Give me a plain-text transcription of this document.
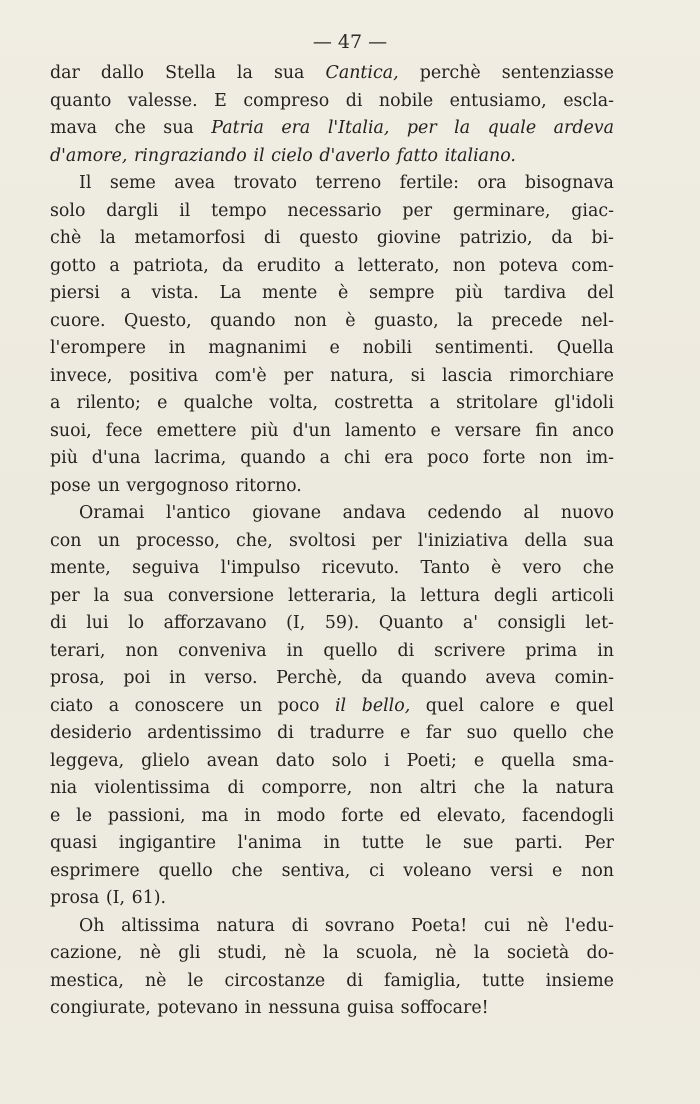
— 47 —
dar dallo Stella la sua Cantica, perchè sentenziasse
quanto valesse. E compreso di nobile entusiamo, escla-
mava che sua Patria era l'Italia, per la quale ardeva
d'amore, ringraziando il cielo d'averlo fatto italiano.
Il seme avea trovato terreno fertile: ora bisognava
solo dargli il tempo necessario per germinare, giac-
chè la metamorfosi di questo giovine patrizio, da bi-
gotto a patriota, da erudito a letterato, non poteva com-
piersi a vista. La mente è sempre più tardiva del
cuore. Questo, quando non è guasto, la precede nel-
l'erompere in magnanimi e nobili sentimenti. Quella
invece, positiva com'è per natura, si lascia rimorchiare
a rilento; e qualche volta, costretta a stritolare gl'idoli
suoi, fece emettere più d'un lamento e versare fin anco
più d'una lacrima, quando a chi era poco forte non im-
pose un vergognoso ritorno.
Oramai l'antico giovane andava cedendo al nuovo
con un processo, che, svoltosi per l'iniziativa della sua
mente, seguiva l'impulso ricevuto. Tanto è vero che
per la sua conversione letteraria, la lettura degli articoli
di lui lo afforzavano (I, 59). Quanto a' consigli let-
terari, non conveniva in quello di scrivere prima in
prosa, poi in verso. Perchè, da quando aveva comin-
ciato a conoscere un poco il bello, quel calore e quel
desiderio ardentissimo di tradurre e far suo quello che
leggeva, glielo avean dato solo i Poeti; e quella sma-
nia violentissima di comporre, non altri che la natura
e le passioni, ma in modo forte ed elevato, facendogli
quasi ingigantire l'anima in tutte le sue parti. Per
esprimere quello che sentiva, ci voleano versi e non
prosa (I, 61).
Oh altissima natura di sovrano Poeta! cui nè l'edu-
cazione, nè gli studi, nè la scuola, nè la società do-
mestica, nè le circostanze di famiglia, tutte insieme
congiurate, potevano in nessuna guisa soffocare!
